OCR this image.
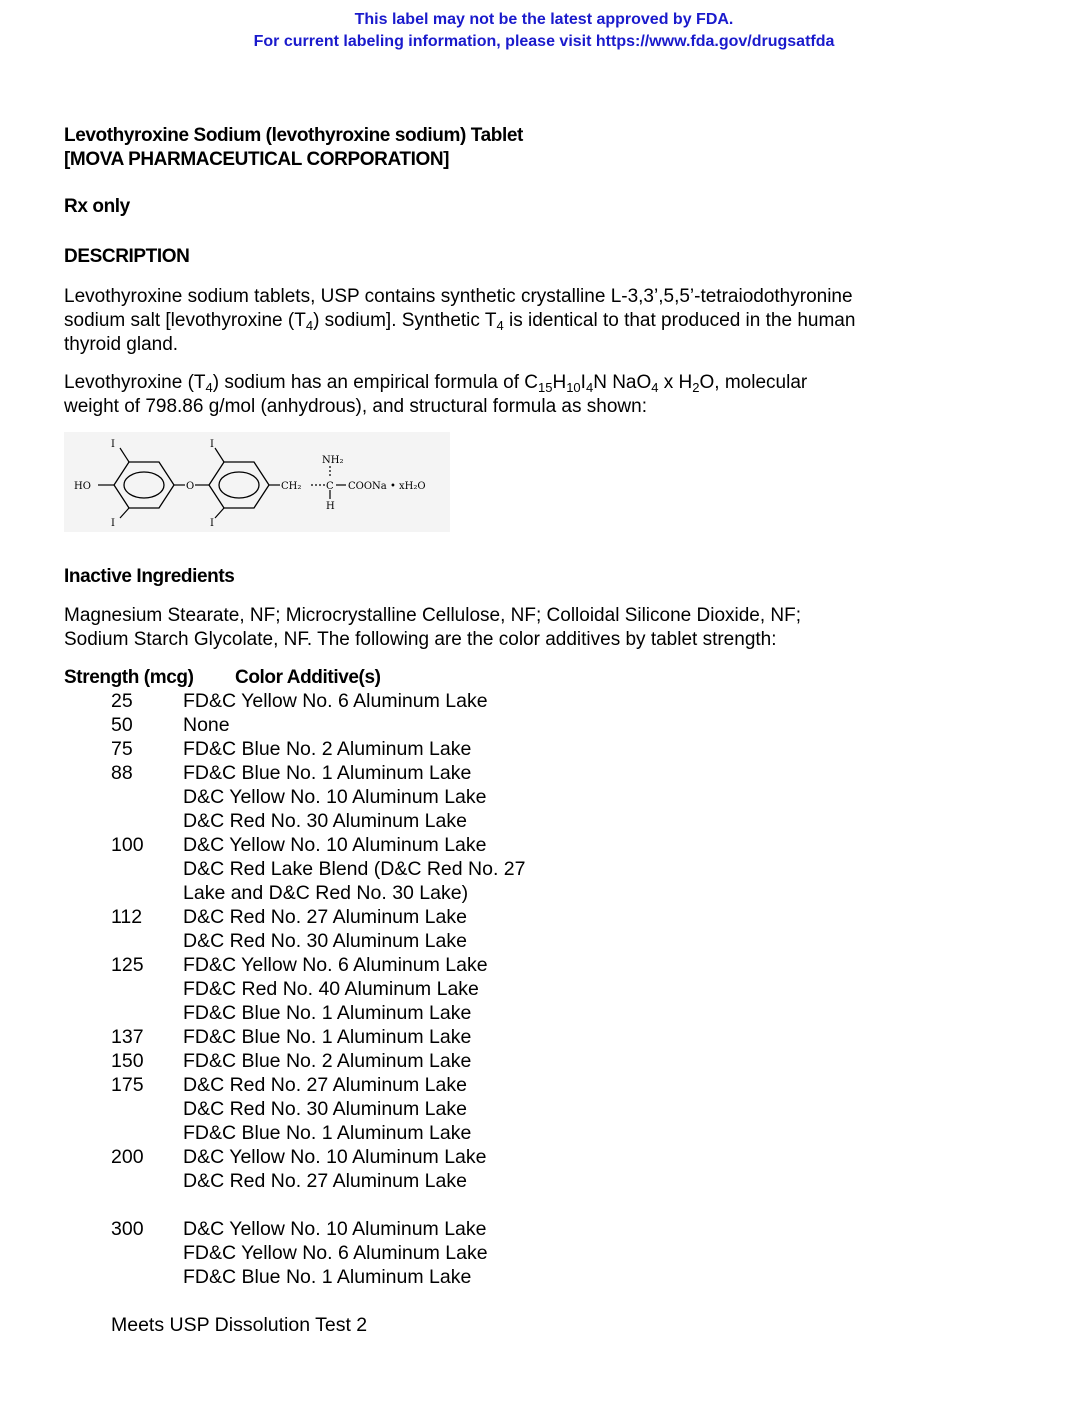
This label may not be the latest approved by FDA.
For current labeling information, please visit https://www.fda.gov/drugsatfda
Levothyroxine Sodium (levothyroxine sodium) Tablet
[MOVA PHARMACEUTICAL CORPORATION]
Rx only
DESCRIPTION
Levothyroxine sodium tablets, USP contains synthetic crystalline L-3,3’,5,5’-tetraiodothyronine
sodium salt [levothyroxine $(T_4)$ sodium]. Synthetic $T_4$ is identical to that produced in the human
thyroid gland.
Levothyroxine $(T_4)$ sodium has an empirical formula of $C_{15}H_{10}I_4N$ NaO$_4$ x $H_2O$, molecular
weight of 798.86 g/mol (anhydrous), and structural formula as shown:
HO
I
I
O
I
I
CH₂
NH₂
C
H
COONa • xH₂O
Inactive Ingredients
Magnesium Stearate, NF; Microcrystalline Cellulose, NF; Colloidal Silicone Dioxide, NF;
Sodium Starch Glycolate, NF. The following are the color additives by tablet strength:
Strength (mcg) Color Additive(s)
25	FD&C Yellow No. 6 Aluminum Lake
50	None
75	FD&C Blue No. 2 Aluminum Lake
88	FD&C Blue No. 1 Aluminum Lake
D&C Yellow No. 10 Aluminum Lake
D&C Red No. 30 Aluminum Lake
100 D&C Yellow No. 10 Aluminum Lake
D&C Red Lake Blend (D&C Red No. 27
Lake and D&C Red No. 30 Lake)
112 D&C Red No. 27 Aluminum Lake
D&C Red No. 30 Aluminum Lake
125 FD&C Yellow No. 6 Aluminum Lake
FD&C Red No. 40 Aluminum Lake
FD&C Blue No. 1 Aluminum Lake
137 FD&C Blue No. 1 Aluminum Lake
150 FD&C Blue No. 2 Aluminum Lake
175 D&C Red No. 27 Aluminum Lake
D&C Red No. 30 Aluminum Lake
FD&C Blue No. 1 Aluminum Lake
200 D&C Yellow No. 10 Aluminum Lake
D&C Red No. 27 Aluminum Lake
300 D&C Yellow No. 10 Aluminum Lake
FD&C Yellow No. 6 Aluminum Lake
FD&C Blue No. 1 Aluminum Lake
Meets USP Dissolution Test 2
